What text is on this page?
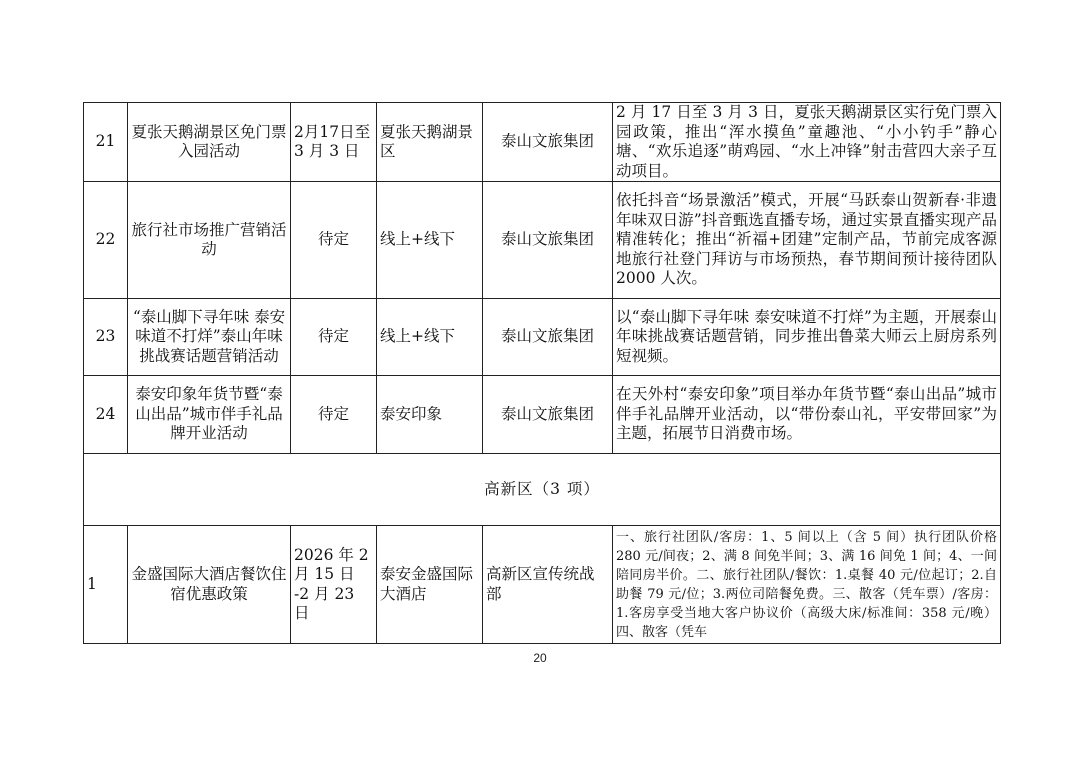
21	夏张天鹅湖景区免门票入园活动	2月17日至 3 月 3 日	夏张天鹅湖景区	泰山文旅集团	2 月 17 日至 3 月 3 日，夏张天鹅湖景区实行免门票入园政策，推出“浑水摸鱼”童趣池、“小小钓手”静心塘、“欢乐追逐”萌鸡园、“水上冲锋”射击营四大亲子互动项目。
22	旅行社市场推广营销活动	待定	线上+线下	泰山文旅集团	依托抖音“场景激活”模式，开展“马跃泰山贺新春·非遗年味双日游”抖音甄选直播专场，通过实景直播实现产品精准转化；推出“祈福+团建”定制产品，节前完成客源地旅行社登门拜访与市场预热，春节期间预计接待团队 2000 人次。
23	“泰山脚下寻年味 泰安味道不打烊”泰山年味挑战赛话题营销活动	待定	线上+线下	泰山文旅集团	以“泰山脚下寻年味 泰安味道不打烊”为主题，开展泰山年味挑战赛话题营销，同步推出鲁菜大师云上厨房系列短视频。
24	泰安印象年货节暨“泰山出品”城市伴手礼品牌开业活动	待定	泰安印象	泰山文旅集团	在天外村“泰安印象”项目举办年货节暨“泰山出品”城市伴手礼品牌开业活动，以“带份泰山礼，平安带回家”为主题，拓展节日消费市场。
高新区（3 项）					
1	金盛国际大酒店餐饮住宿优惠政策	2026 年 2 月 15 日 -2 月 23 日	泰安金盛国际大酒店	高新区宣传统战部	一、旅行社团队/客房：1、5 间以上（含 5 间）执行团队价格 280 元/间夜；2、满 8 间免半间；3、满 16 间免 1 间；4、一间陪同房半价。二、旅行社团队/餐饮：1.桌餐 40 元/位起订；2.自助餐 79 元/位；3.两位司陪餐免费。三、散客（凭车票）/客房：1.客房享受当地大客户协议价（高级大床/标准间：358 元/晚）四、散客（凭车
20
